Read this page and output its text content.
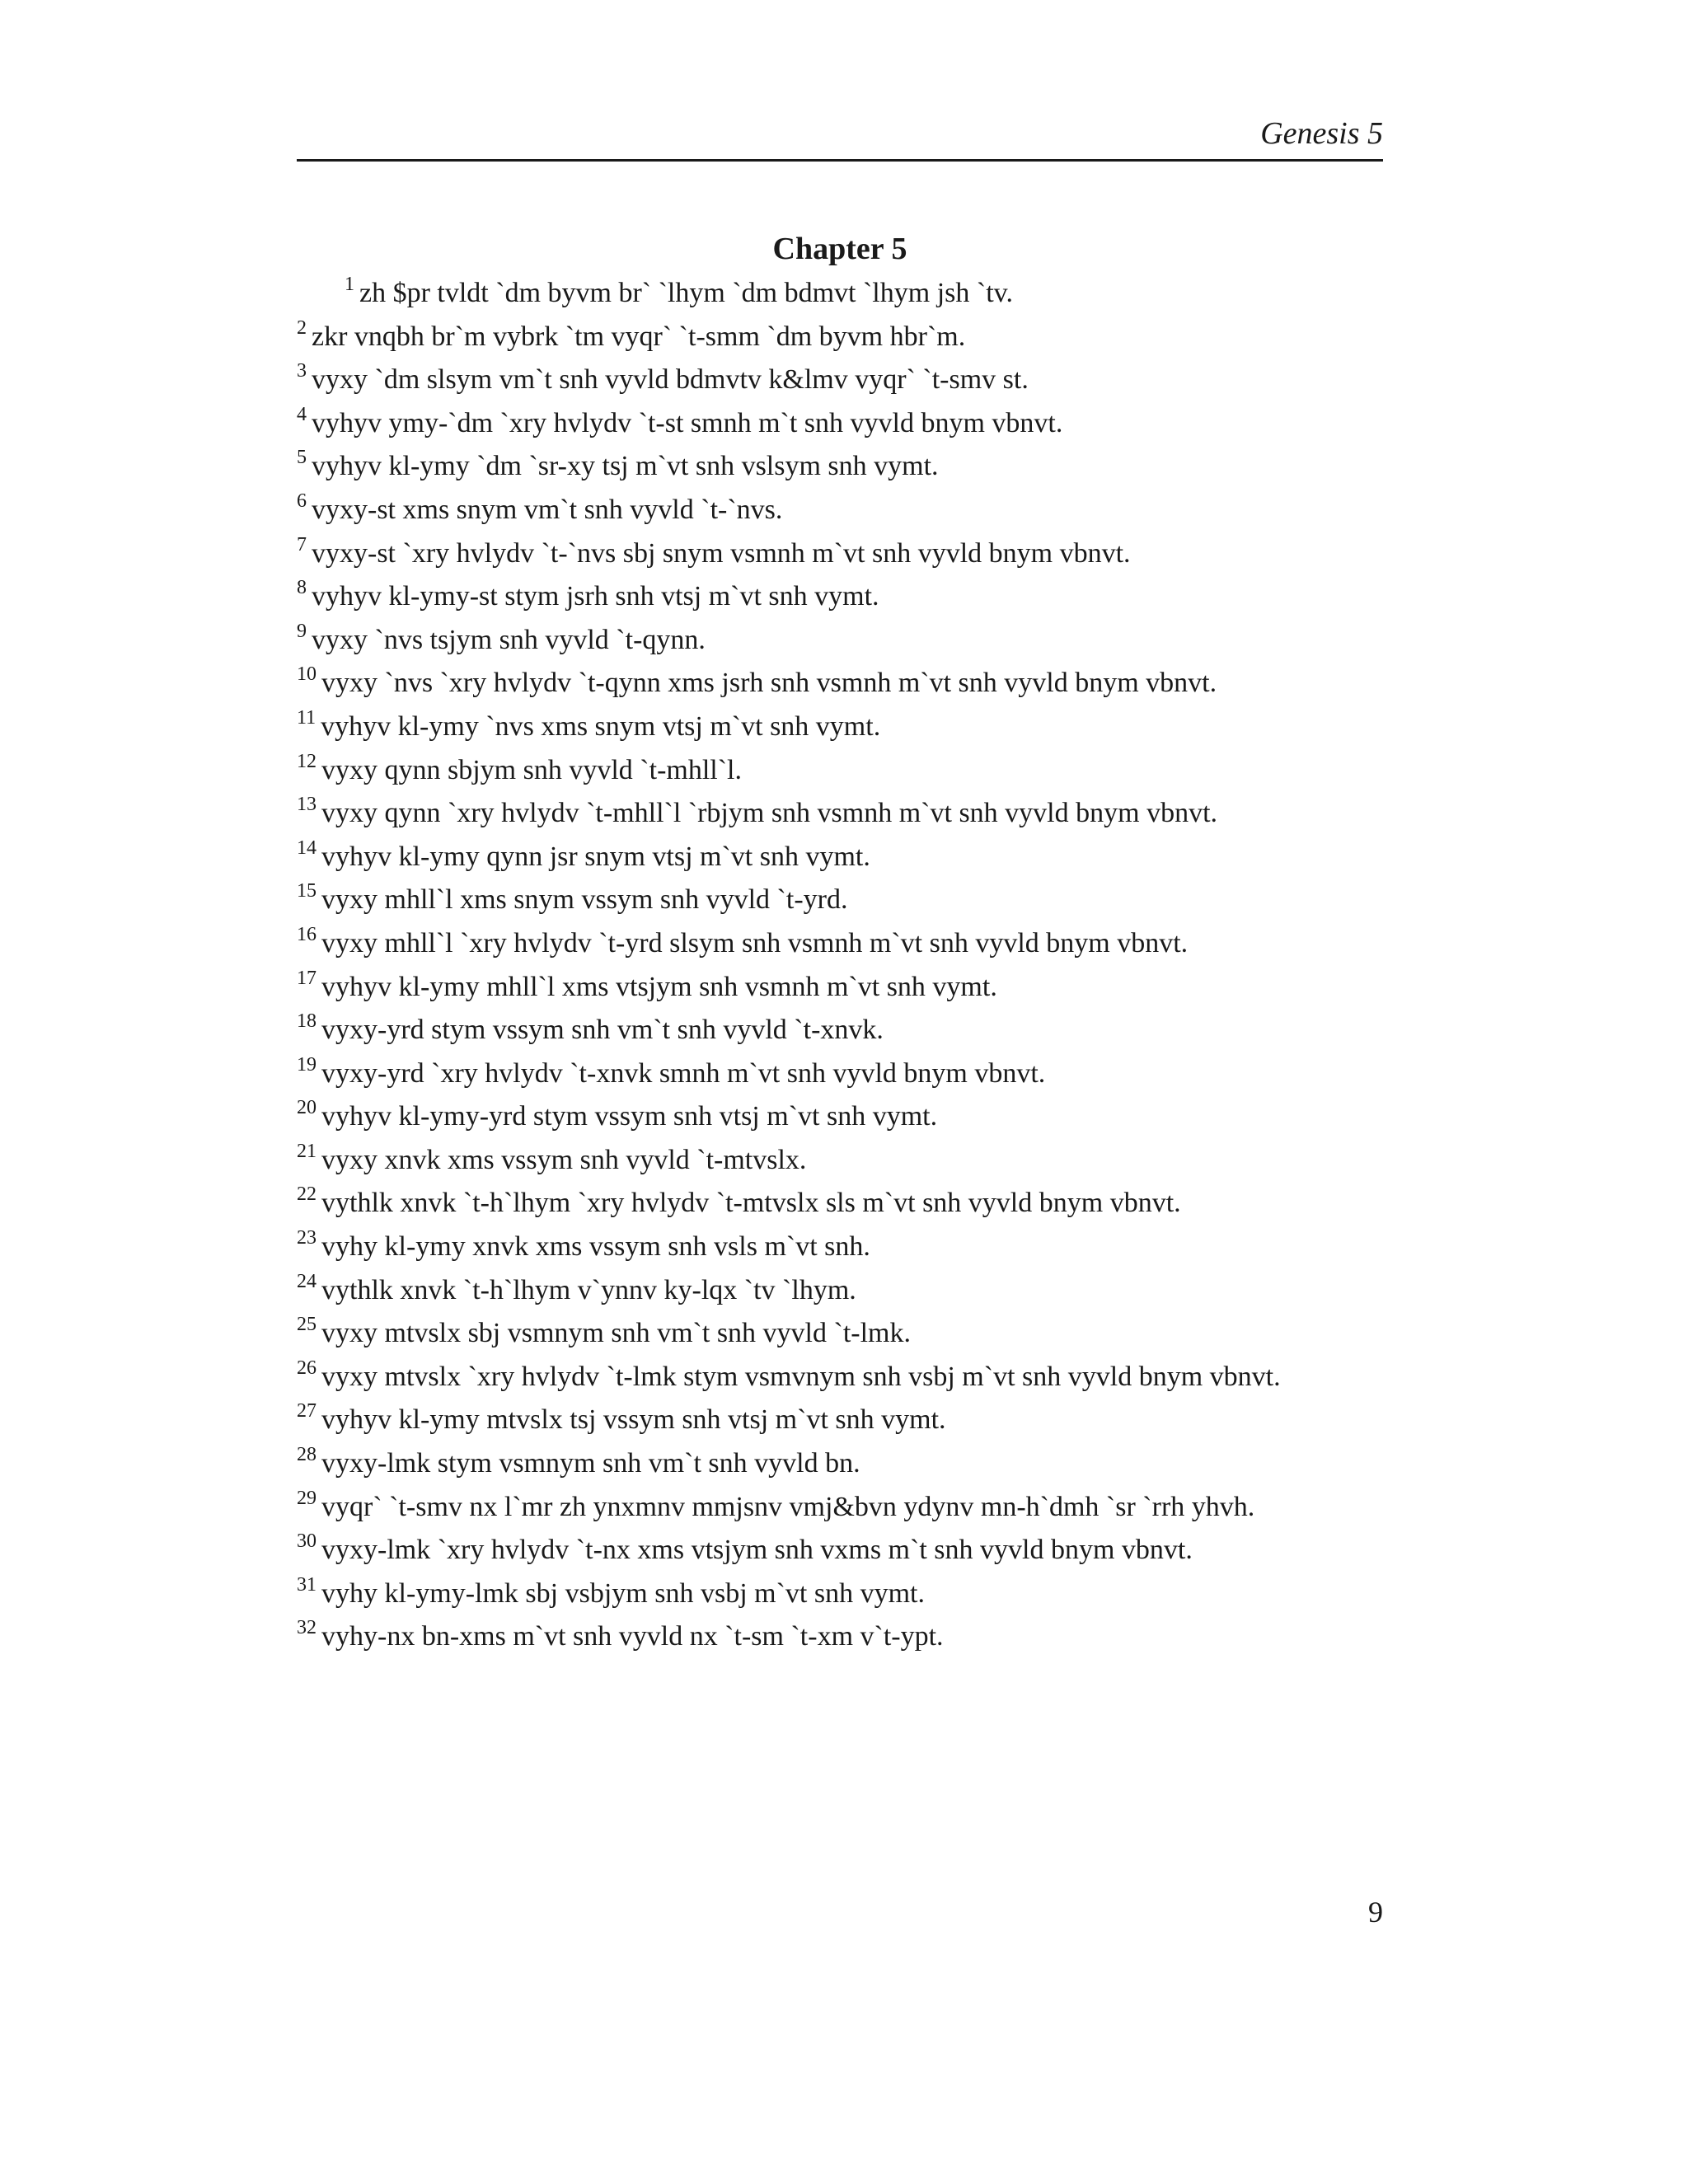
Genesis 5
Chapter 5
$^1$ zh $pr tvldt `dm byvm br` `lhym `dm bdmvt `lhym jsh `tv.
$^2$ zkr vnqbh br`m vybrk `tm vyqr` `t-smm `dm byvm hbr`m.
$^3$ vyxy `dm slsym vm`t snh vyvld bdmvtv k&lmv vyqr` `t-smv st.
$^4$ vyhyv ymy-`dm `xry hvlydv `t-st smnh m`t snh vyvld bnym vbnvt.
$^5$ vyhyv kl-ymy `dm `sr-xy tsj m`vt snh vslsym snh vymt.
$^6$ vyxy-st xms snym vm`t snh vyvld `t-`nvs.
$^7$ vyxy-st `xry hvlydv `t-`nvs sbj snym vsmnh m`vt snh vyvld bnym vbnvt.
$^8$ vyhyv kl-ymy-st stym jsrh snh vtsj m`vt snh vymt.
$^9$ vyxy `nvs tsjym snh vyvld `t-qynn.
$^{10}$ vyxy `nvs `xry hvlydv `t-qynn xms jsrh snh vsmnh m`vt snh vyvld bnym vbnvt.
$^{11}$ vyhyv kl-ymy `nvs xms snym vtsj m`vt snh vymt.
$^{12}$ vyxy qynn sbjym snh vyvld `t-mhll`l.
$^{13}$ vyxy qynn `xry hvlydv `t-mhll`l `rbjym snh vsmnh m`vt snh vyvld bnym vbnvt.
$^{14}$ vyhyv kl-ymy qynn jsr snym vtsj m`vt snh vymt.
$^{15}$ vyxy mhll`l xms snym vssym snh vyvld `t-yrd.
$^{16}$ vyxy mhll`l `xry hvlydv `t-yrd slsym snh vsmnh m`vt snh vyvld bnym vbnvt.
$^{17}$ vyhyv kl-ymy mhll`l xms vtsjym snh vsmnh m`vt snh vymt.
$^{18}$ vyxy-yrd stym vssym snh vm`t snh vyvld `t-xnvk.
$^{19}$ vyxy-yrd `xry hvlydv `t-xnvk smnh m`vt snh vyvld bnym vbnvt.
$^{20}$ vyhyv kl-ymy-yrd stym vssym snh vtsj m`vt snh vymt.
$^{21}$ vyxy xnvk xms vssym snh vyvld `t-mtvslx.
$^{22}$ vythlk xnvk `t-h`lhym `xry hvlydv `t-mtvslx sls m`vt snh vyvld bnym vbnvt.
$^{23}$ vyhy kl-ymy xnvk xms vssym snh vsls m`vt snh.
$^{24}$ vythlk xnvk `t-h`lhym v`ynnv ky-lqx `tv `lhym.
$^{25}$ vyxy mtvslx sbj vsmnym snh vm`t snh vyvld `t-lmk.
$^{26}$ vyxy mtvslx `xry hvlydv `t-lmk stym vsmvnym snh vsbj m`vt snh vyvld bnym vbnvt.
$^{27}$ vyhyv kl-ymy mtvslx tsj vssym snh vtsj m`vt snh vymt.
$^{28}$ vyxy-lmk stym vsmnym snh vm`t snh vyvld bn.
$^{29}$ vyqr` `t-smv nx l`mr zh ynxmnv mmjsnv vmj&bvn ydynv mn-h`dmh `sr `rrh yhvh.
$^{30}$ vyxy-lmk `xry hvlydv `t-nx xms vtsjym snh vxms m`t snh vyvld bnym vbnvt.
$^{31}$ vyhy kl-ymy-lmk sbj vsbjym snh vsbj m`vt snh vymt.
$^{32}$ vyhy-nx bn-xms m`vt snh vyvld nx `t-sm `t-xm v`t-ypt.
9
